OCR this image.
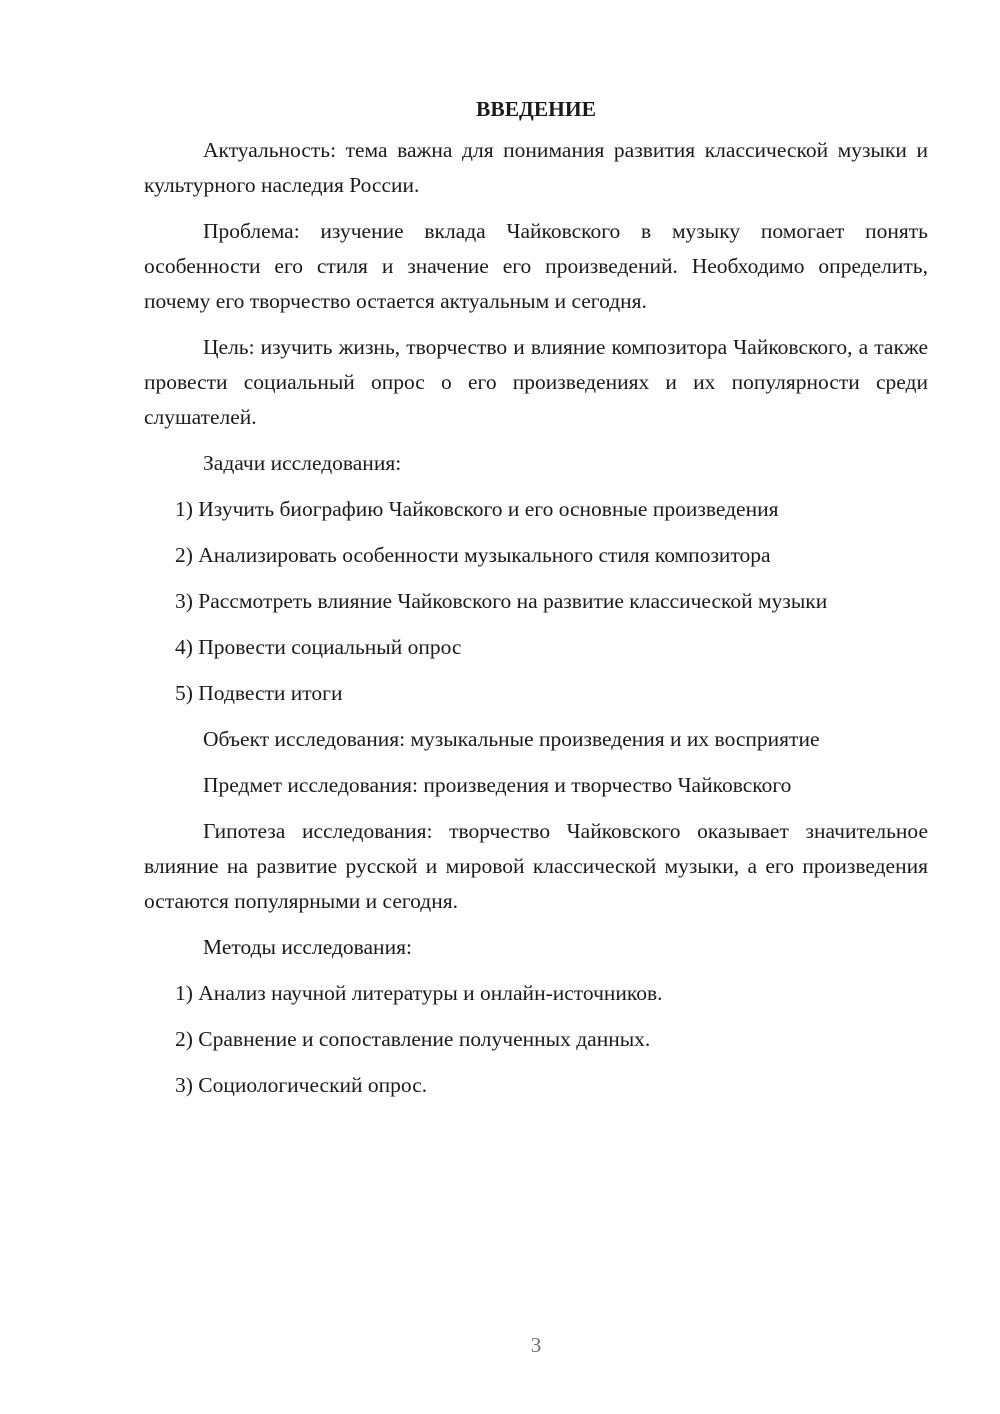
ВВЕДЕНИЕ

Актуальность: тема важна для понимания развития классической музыки и культурного наследия России.

Проблема: изучение вклада Чайковского в музыку помогает понять особенности его стиля и значение его произведений. Необходимо определить, почему его творчество остается актуальным и сегодня.

Цель: изучить жизнь, творчество и влияние композитора Чайковского, а также провести социальный опрос о его произведениях и их популярности среди слушателей.

Задачи исследования:

1) Изучить биографию Чайковского и его основные произведения

2) Анализировать особенности музыкального стиля композитора

3) Рассмотреть влияние Чайковского на развитие классической музыки

4) Провести социальный опрос

5) Подвести итоги

Объект исследования: музыкальные произведения и их восприятие

Предмет исследования: произведения и творчество Чайковского

Гипотеза исследования: творчество Чайковского оказывает значительное влияние на развитие русской и мировой классической музыки, а его произведения остаются популярными и сегодня.

Методы исследования:

1) Анализ научной литературы и онлайн-источников.

2) Сравнение и сопоставление полученных данных.

3) Социологический опрос.

3
